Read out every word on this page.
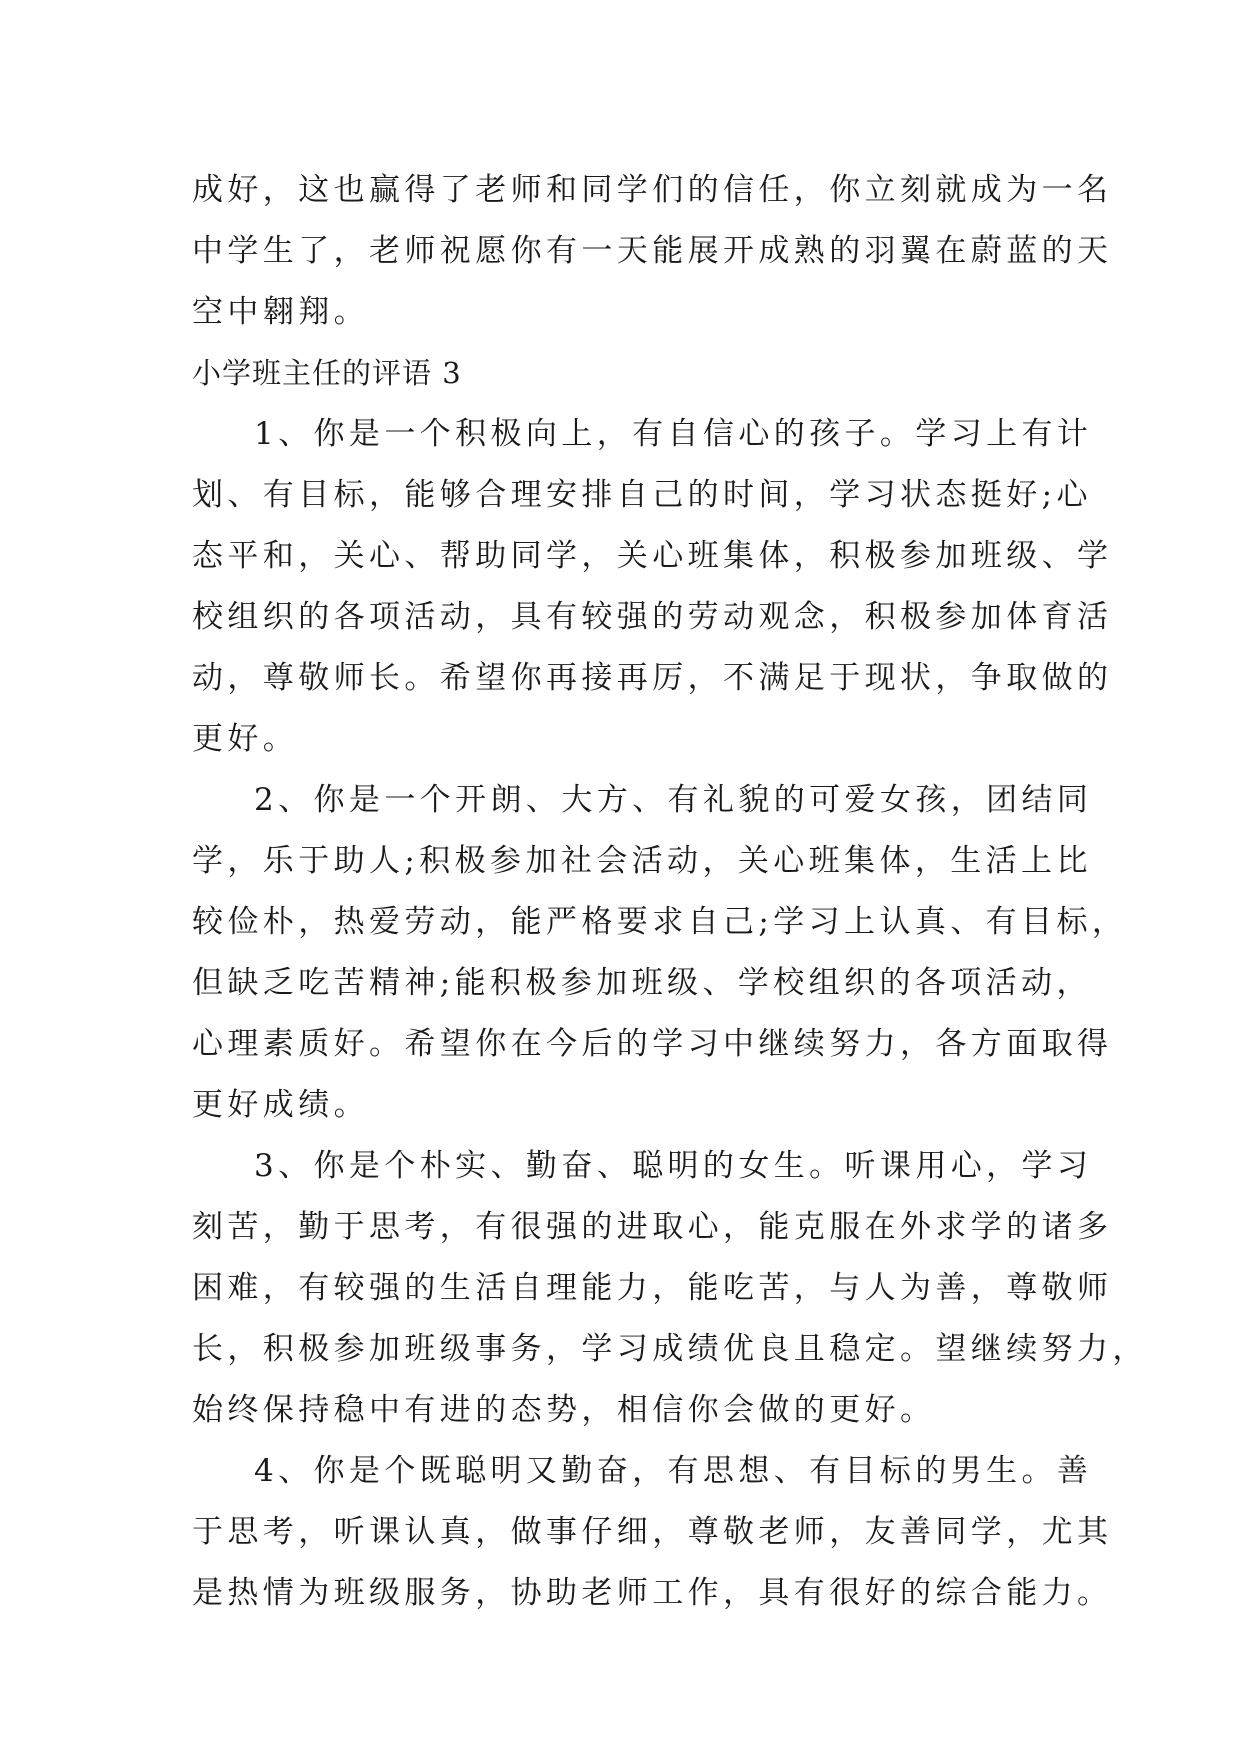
成好，这也赢得了老师和同学们的信任，你立刻就成为一名
中学生了，老师祝愿你有一天能展开成熟的羽翼在蔚蓝的天
空中翱翔。
小学班主任的评语 3
1、你是一个积极向上，有自信心的孩子。学习上有计
划、有目标，能够合理安排自己的时间，学习状态挺好;心
态平和，关心、帮助同学，关心班集体，积极参加班级、学
校组织的各项活动，具有较强的劳动观念，积极参加体育活
动，尊敬师长。希望你再接再厉，不满足于现状，争取做的
更好。
2、你是一个开朗、大方、有礼貌的可爱女孩，团结同
学，乐于助人;积极参加社会活动，关心班集体，生活上比
较俭朴，热爱劳动，能严格要求自己;学习上认真、有目标，
但缺乏吃苦精神;能积极参加班级、学校组织的各项活动，
心理素质好。希望你在今后的学习中继续努力，各方面取得
更好成绩。
3、你是个朴实、勤奋、聪明的女生。听课用心，学习
刻苦，勤于思考，有很强的进取心，能克服在外求学的诸多
困难，有较强的生活自理能力，能吃苦，与人为善，尊敬师
长，积极参加班级事务，学习成绩优良且稳定。望继续努力，
始终保持稳中有进的态势，相信你会做的更好。
4、你是个既聪明又勤奋，有思想、有目标的男生。善
于思考，听课认真，做事仔细，尊敬老师，友善同学，尤其
是热情为班级服务，协助老师工作，具有很好的综合能力。
